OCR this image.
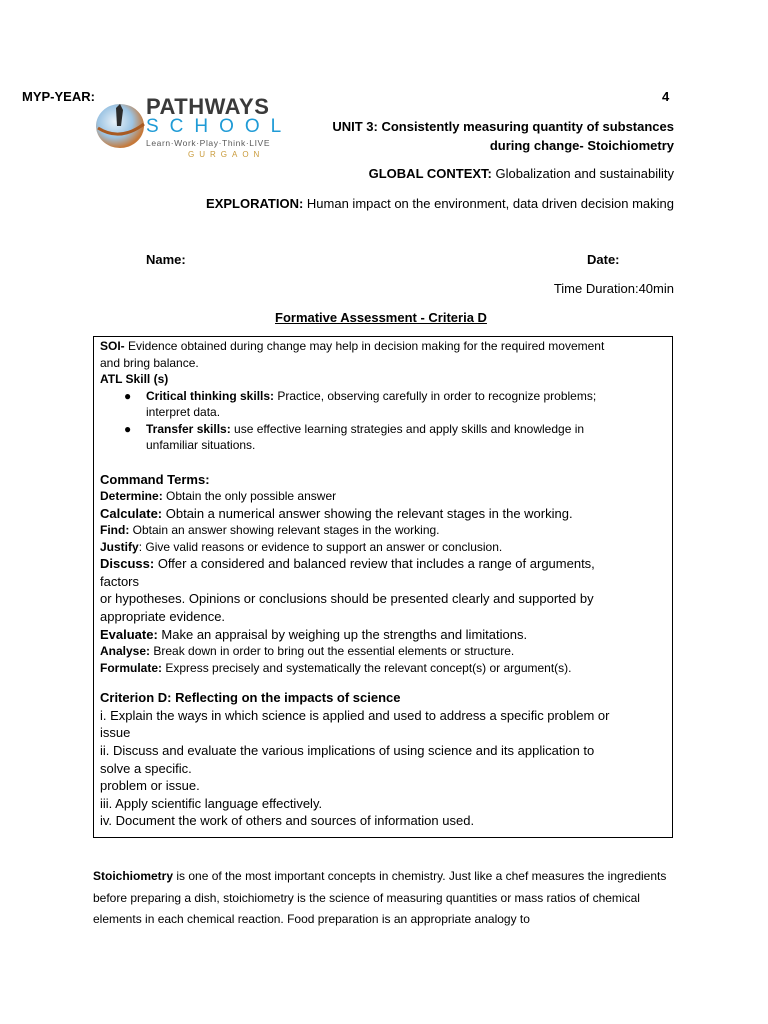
MYP-YEAR:	4
PATHWAYS
SCHOOL
Learn·Work·Play·Think·LIVE
GURGAON
UNIT 3: Consistently measuring quantity of substances
during change- Stoichiometry
GLOBAL CONTEXT: Globalization and sustainability
EXPLORATION: Human impact on the environment, data driven decision making
Name:	Date:
Time Duration:40min
Formative Assessment - Criteria D
SOI- Evidence obtained during change may help in decision making for the required movement
and bring balance.
ATL Skill (s)
● Critical thinking skills: Practice, observing carefully in order to recognize problems;
interpret data.
● Transfer skills: use effective learning strategies and apply skills and knowledge in
unfamiliar situations.
Command Terms:
Determine: Obtain the only possible answer
Calculate: Obtain a numerical answer showing the relevant stages in the working.
Find: Obtain an answer showing relevant stages in the working.
Justify: Give valid reasons or evidence to support an answer or conclusion.
Discuss: Offer a considered and balanced review that includes a range of arguments,
factors
or hypotheses. Opinions or conclusions should be presented clearly and supported by
appropriate evidence.
Evaluate: Make an appraisal by weighing up the strengths and limitations.
Analyse: Break down in order to bring out the essential elements or structure.
Formulate: Express precisely and systematically the relevant concept(s) or argument(s).
Criterion D: Reflecting on the impacts of science
i. Explain the ways in which science is applied and used to address a specific problem or
issue
ii. Discuss and evaluate the various implications of using science and its application to
solve a specific.
problem or issue.
iii. Apply scientific language effectively.
iv. Document the work of others and sources of information used.
Stoichiometry is one of the most important concepts in chemistry. Just like a chef measures the ingredients before preparing a dish, stoichiometry is the science of measuring quantities or mass ratios of chemical elements in each chemical reaction. Food preparation is an appropriate analogy to
